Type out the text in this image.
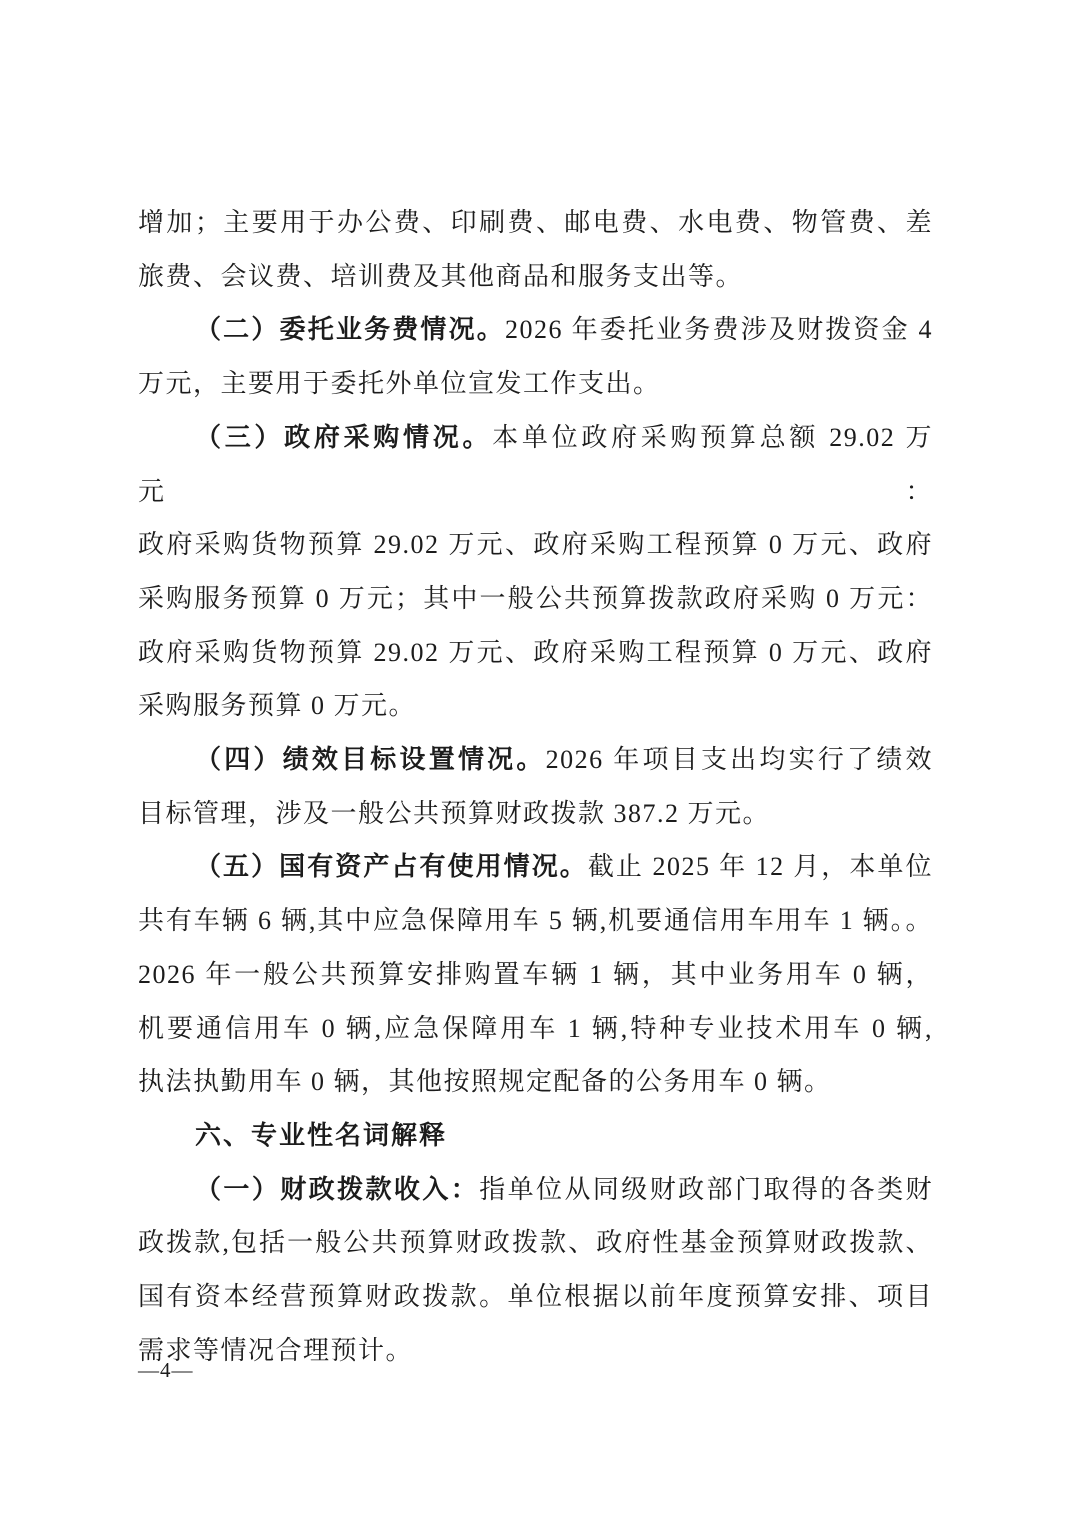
增加；主要用于办公费、印刷费、邮电费、水电费、物管费、差
旅费、会议费、培训费及其他商品和服务支出等。
（二）委托业务费情况。2026 年委托业务费涉及财拨资金 4
万元，主要用于委托外单位宣发工作支出。
（三）政府采购情况。本单位政府采购预算总额 29.02 万元：
政府采购货物预算 29.02 万元、政府采购工程预算 0 万元、政府
采购服务预算 0 万元；其中一般公共预算拨款政府采购 0 万元：
政府采购货物预算 29.02 万元、政府采购工程预算 0 万元、政府
采购服务预算 0 万元。
（四）绩效目标设置情况。2026 年项目支出均实行了绩效
目标管理，涉及一般公共预算财政拨款 387.2 万元。
（五）国有资产占有使用情况。截止 2025 年 12 月，本单位
共有车辆 6 辆,其中应急保障用车 5 辆,机要通信用车用车 1 辆。。
2026 年一般公共预算安排购置车辆 1 辆，其中业务用车 0 辆，
机要通信用车 0 辆,应急保障用车 1 辆,特种专业技术用车 0 辆,
执法执勤用车 0 辆，其他按照规定配备的公务用车 0 辆。
六、专业性名词解释
（一）财政拨款收入：指单位从同级财政部门取得的各类财
政拨款,包括一般公共预算财政拨款、政府性基金预算财政拨款、
国有资本经营预算财政拨款。单位根据以前年度预算安排、项目
需求等情况合理预计。
—4—
